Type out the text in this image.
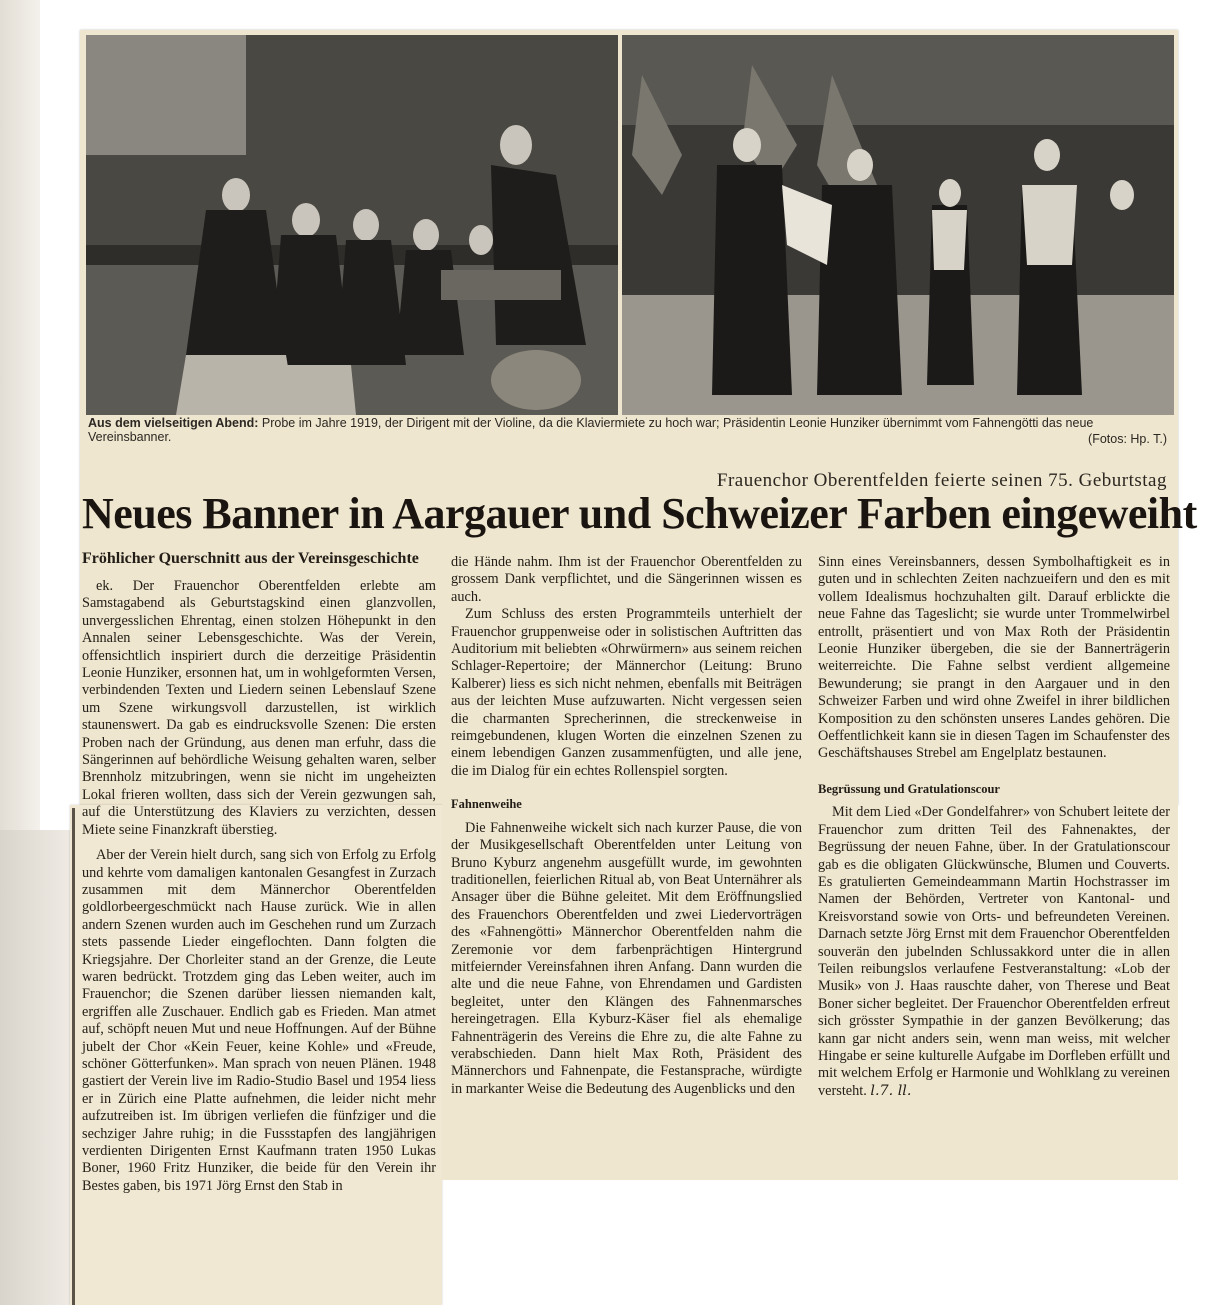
Aus dem vielseitigen Abend: Probe im Jahre 1919, der Dirigent mit der Violine, da die Klaviermiete zu hoch war; Präsidentin Leonie Hunziker übernimmt vom Fahnengötti das neue Vereinsbanner.	(Fotos: Hp. T.)
Frauenchor Oberentfelden feierte seinen 75. Geburtstag
Neues Banner in Aargauer und Schweizer Farben eingeweiht
Fröhlicher Querschnitt aus der Vereinsgeschichte

ek. Der Frauenchor Oberentfelden erlebte am Samstagabend als Geburtstagskind einen glanzvollen, unvergesslichen Ehrentag, einen stolzen Höhepunkt in den Annalen seiner Lebensgeschichte. Was der Verein, offensichtlich inspiriert durch die derzeitige Präsidentin Leonie Hunziker, ersonnen hat, um in wohlgeformten Versen, verbindenden Texten und Liedern seinen Lebenslauf Szene um Szene wirkungsvoll darzustellen, ist wirklich staunenswert. Da gab es eindrucksvolle Szenen: Die ersten Proben nach der Gründung, aus denen man erfuhr, dass die Sängerinnen auf behördliche Weisung gehalten waren, selber Brennholz mitzubringen, wenn sie nicht im ungeheizten Lokal frieren wollten, dass sich der Verein gezwungen sah, auf die Unterstützung des Klaviers zu verzichten, dessen Miete seine Finanzkraft überstieg.

Aber der Verein hielt durch, sang sich von Erfolg zu Erfolg und kehrte vom damaligen kantonalen Gesangfest in Zurzach zusammen mit dem Männerchor Oberentfelden goldlorbeergeschmückt nach Hause zurück. Wie in allen andern Szenen wurden auch im Geschehen rund um Zurzach stets passende Lieder eingeflochten. Dann folgten die Kriegsjahre. Der Chorleiter stand an der Grenze, die Leute waren bedrückt. Trotzdem ging das Leben weiter, auch im Frauenchor; die Szenen darüber liessen niemanden kalt, ergriffen alle Zuschauer. Endlich gab es Frieden. Man atmet auf, schöpft neuen Mut und neue Hoffnungen. Auf der Bühne jubelt der Chor «Kein Feuer, keine Kohle» und «Freude, schöner Götterfunken». Man sprach von neuen Plänen. 1948 gastiert der Verein live im Radio-Studio Basel und 1954 liess er in Zürich eine Platte aufnehmen, die leider nicht mehr aufzutreiben ist. Im übrigen verliefen die fünfziger und die sechziger Jahre ruhig; in die Fussstapfen des langjährigen verdienten Dirigenten Ernst Kaufmann traten 1950 Lukas Boner, 1960 Fritz Hunziker, die beide für den Verein ihr Bestes gaben, bis 1971 Jörg Ernst den Stab in

die Hände nahm. Ihm ist der Frauenchor Oberentfelden zu grossem Dank verpflichtet, und die Sängerinnen wissen es auch.

Zum Schluss des ersten Programmteils unterhielt der Frauenchor gruppenweise oder in solistischen Auftritten das Auditorium mit beliebten «Ohrwürmern» aus seinem reichen Schlager-Repertoire; der Männerchor (Leitung: Bruno Kalberer) liess es sich nicht nehmen, ebenfalls mit Beiträgen aus der leichten Muse aufzuwarten. Nicht vergessen seien die charmanten Sprecherinnen, die streckenweise in reimgebundenen, klugen Worten die einzelnen Szenen zu einem lebendigen Ganzen zusammenfügten, und alle jene, die im Dialog für ein echtes Rollenspiel sorgten.

Fahnenweihe

Die Fahnenweihe wickelt sich nach kurzer Pause, die von der Musikgesellschaft Oberentfelden unter Leitung von Bruno Kyburz angenehm ausgefüllt wurde, im gewohnten traditionellen, feierlichen Ritual ab, von Beat Unternährer als Ansager über die Bühne geleitet. Mit dem Eröffnungslied des Frauenchors Oberentfelden und zwei Liedervorträgen des «Fahnengötti» Männerchor Oberentfelden nahm die Zeremonie vor dem farbenprächtigen Hintergrund mitfeiernder Vereinsfahnen ihren Anfang. Dann wurden die alte und die neue Fahne, von Ehrendamen und Gardisten begleitet, unter den Klängen des Fahnenmarsches hereingetragen. Ella Kyburz-Käser fiel als ehemalige Fahnenträgerin des Vereins die Ehre zu, die alte Fahne zu verabschieden. Dann hielt Max Roth, Präsident des Männerchors und Fahnenpate, die Festansprache, würdigte in markanter Weise die Bedeutung des Augenblicks und den

Sinn eines Vereinsbanners, dessen Symbolhaftigkeit es in guten und in schlechten Zeiten nachzueifern und den es mit vollem Idealismus hochzuhalten gilt. Darauf erblickte die neue Fahne das Tageslicht; sie wurde unter Trommelwirbel entrollt, präsentiert und von Max Roth der Präsidentin Leonie Hunziker übergeben, die sie der Bannerträgerin weiterreichte. Die Fahne selbst verdient allgemeine Bewunderung; sie prangt in den Aargauer und in den Schweizer Farben und wird ohne Zweifel in ihrer bildlichen Komposition zu den schönsten unseres Landes gehören. Die Oeffentlichkeit kann sie in diesen Tagen im Schaufenster des Geschäftshauses Strebel am Engelplatz bestaunen.

Begrüssung und Gratulationscour

Mit dem Lied «Der Gondelfahrer» von Schubert leitete der Frauenchor zum dritten Teil des Fahnenaktes, der Begrüssung der neuen Fahne, über. In der Gratulationscour gab es die obligaten Glückwünsche, Blumen und Couverts. Es gratulierten Gemeindeammann Martin Hochstrasser im Namen der Behörden, Vertreter von Kantonal- und Kreisvorstand sowie von Orts- und befreundeten Vereinen. Darnach setzte Jörg Ernst mit dem Frauenchor Oberentfelden souverän den jubelnden Schlussakkord unter die in allen Teilen reibungslos verlaufene Festveranstaltung: «Lob der Musik» von J. Haas rauschte daher, von Therese und Beat Boner sicher begleitet. Der Frauenchor Oberentfelden erfreut sich grösster Sympathie in der ganzen Bevölkerung; das kann gar nicht anders sein, wenn man weiss, mit welcher Hingabe er seine kulturelle Aufgabe im Dorfleben erfüllt und mit welchem Erfolg er Harmonie und Wohlklang zu vereinen versteht. l.7. ll.
